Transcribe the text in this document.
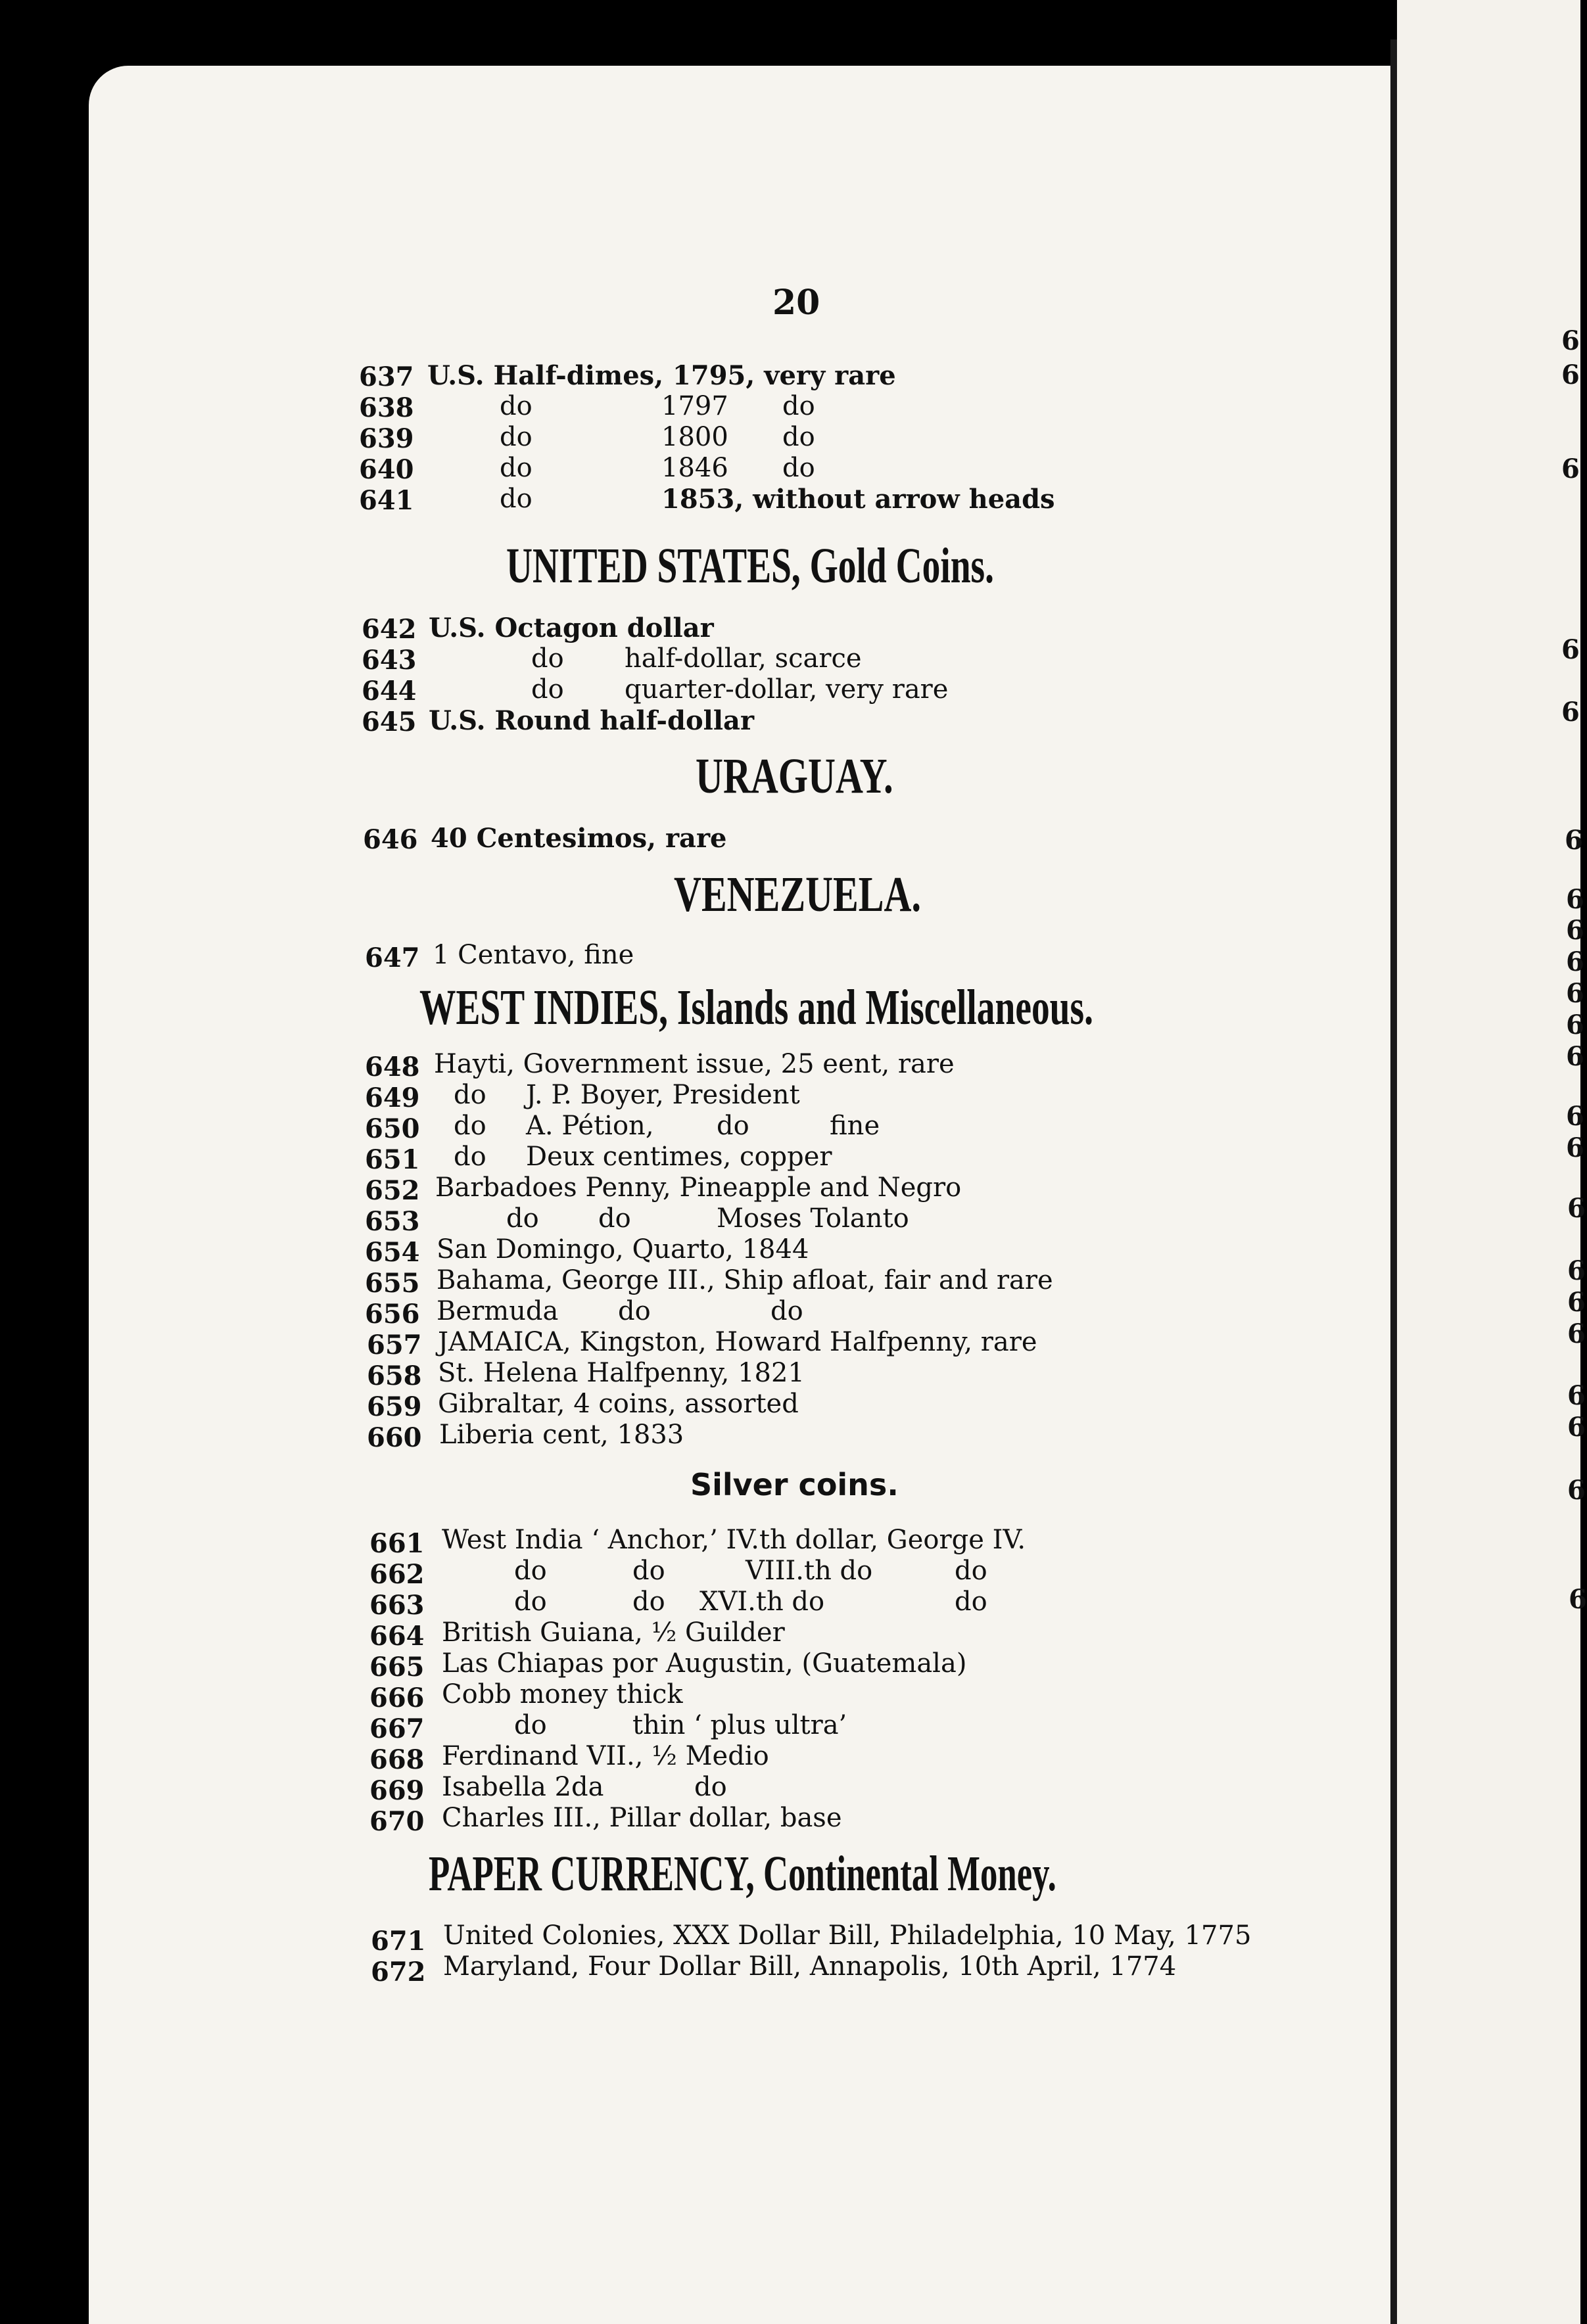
20
637 U.S. Half-dimes, 1795, very rare
638	do	1797 do
639	do	1800 do
640	do	1846 do
641	do	1853, without arrow heads
UNITED STATES, Gold Coins.
642 U.S. Octagon dollar
643	do half-dollar, scarce
644	do quarter-dollar, very rare
645 U.S. Round half-dollar
URAGUAY.
646 40 Centesimos, rare
VENEZUELA.
647 1 Centavo, fine
WEST INDIES, Islands and Miscellaneous.
648 Hayti, Government issue, 25 eent, rare
649 do J. P. Boyer, President
650 do A. Pétion, do	fine
651 do Deux centimes, copper
652 Barbadoes Penny, Pineapple and Negro
653	do do	Moses Tolanto
654 San Domingo, Quarto, 1844
655 Bahama, George III., Ship afloat, fair and rare
656 Bermuda do	do
657 JAMAICA, Kingston, Howard Halfpenny, rare
658 St. Helena Halfpenny, 1821
659 Gibraltar, 4 coins, assorted
660 Liberia cent, 1833
Silver coins.
661 West India ‘ Anchor,’ IV.th dollar, George IV.
662	do	do	VIII.th do	do
663	do	do XVI.th do	do
664 British Guiana, ½ Guilder
665 Las Chiapas por Augustin, (Guatemala)
666 Cobb money thick
667	do	thin ‘ plus ultra’
668 Ferdinand VII., ½ Medio
669 Isabella 2da	do
670 Charles III., Pillar dollar, base
PAPER CURRENCY, Continental Money.
671 United Colonies, XXX Dollar Bill, Philadelphia, 10 May, 1775
672 Maryland, Four Dollar Bill, Annapolis, 10th April, 1774
6
6
6
6
6
6
6
6
6
6
6
6
6
6
6
6
6
6
6
6
6
6
